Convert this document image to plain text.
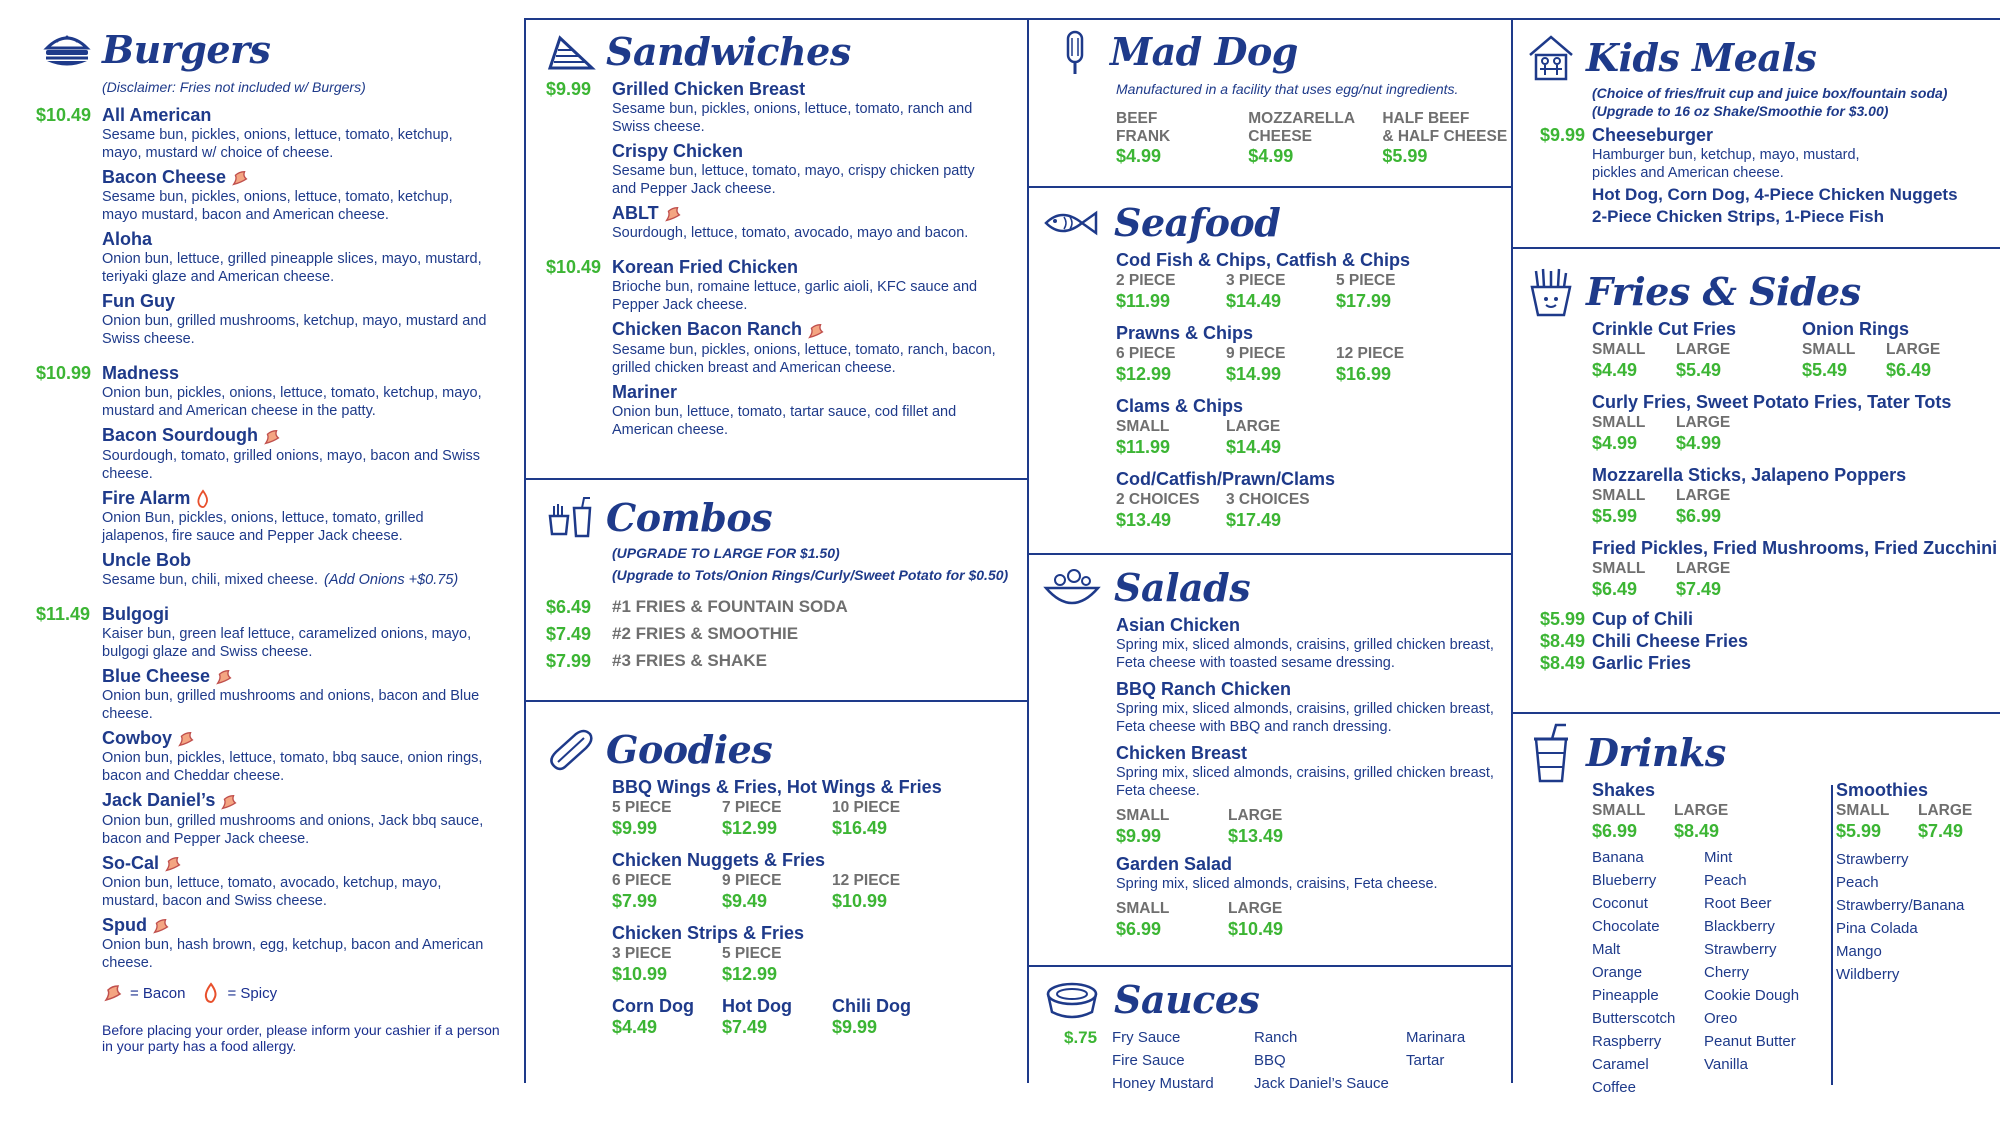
Burgers
(Disclaimer: Fries not included w/ Burgers)
$10.49 All American
Sesame bun, pickles, onions, lettuce, tomato, ketchup, mayo, mustard w/ choice of cheese.
Bacon Cheese
Sesame bun, pickles, onions, lettuce, tomato, ketchup, mayo mustard, bacon and American cheese.
Aloha
Onion bun, lettuce, grilled pineapple slices, mayo, mustard, teriyaki glaze and American cheese.
Fun Guy
Onion bun, grilled mushrooms, ketchup, mayo, mustard and Swiss cheese.
$10.99 Madness
Onion bun, pickles, onions, lettuce, tomato, ketchup, mayo, mustard and American cheese in the patty.
Bacon Sourdough
Sourdough, tomato, grilled onions, mayo, bacon and Swiss cheese.
Fire Alarm
Onion Bun, pickles, onions, lettuce, tomato, grilled jalapenos, fire sauce and Pepper Jack cheese.
Uncle Bob
Sesame bun, chili, mixed cheese. (Add Onions +$0.75)
$11.49 Bulgogi
Kaiser bun, green leaf lettuce, caramelized onions, mayo, bulgogi glaze and Swiss cheese.
Blue Cheese
Onion bun, grilled mushrooms and onions, bacon and Blue cheese.
Cowboy
Onion bun, pickles, lettuce, tomato, bbq sauce, onion rings, bacon and Cheddar cheese.
Jack Daniel’s
Onion bun, grilled mushrooms and onions, Jack bbq sauce, bacon and Pepper Jack cheese.
So-Cal
Onion bun, lettuce, tomato, avocado, ketchup, mayo, mustard, bacon and Swiss cheese.
Spud
Onion bun, hash brown, egg, ketchup, bacon and American cheese.
= Bacon	= Spicy
Before placing your order, please inform your cashier if a person in your party has a food allergy.
Sandwiches
$9.99	Grilled Chicken Breast
Sesame bun, pickles, onions, lettuce, tomato, ranch and Swiss cheese.
Crispy Chicken
Sesame bun, lettuce, tomato, mayo, crispy chicken patty and Pepper Jack cheese.
ABLT
Sourdough, lettuce, tomato, avocado, mayo and bacon.
$10.49 Korean Fried Chicken
Brioche bun, romaine lettuce, garlic aioli, KFC sauce and Pepper Jack cheese.
Chicken Bacon Ranch
Sesame bun, pickles, onions, lettuce, tomato, ranch, bacon, grilled chicken breast and American cheese.
Mariner
Onion bun, lettuce, tomato, tartar sauce, cod fillet and American cheese.
Combos
(UPGRADE TO LARGE FOR $1.50)
(Upgrade to Tots/Onion Rings/Curly/Sweet Potato for $0.50)
$6.49	#1 FRIES & FOUNTAIN SODA
$7.49	#2 FRIES & SMOOTHIE
$7.99	#3 FRIES & SHAKE
Goodies
BBQ Wings & Fries, Hot Wings & Fries
5 PIECE	7 PIECE	10 PIECE
$9.99	$12.99	$16.49
Chicken Nuggets & Fries
6 PIECE	9 PIECE	12 PIECE
$7.99	$9.49	$10.99
Chicken Strips & Fries
3 PIECE	5 PIECE
$10.99	$12.99
Corn Dog
$4.49
Hot Dog
$7.49
Chili Dog
$9.99
Mad Dog
Manufactured in a facility that uses egg/nut ingredients.
BEEF
FRANK
$4.99
MOZZARELLA
CHEESE
$4.99
HALF BEEF
& HALF CHEESE
$5.99
Seafood
Cod Fish & Chips, Catfish & Chips
2 PIECE	3 PIECE	5 PIECE
$11.99	$14.49	$17.99
Prawns & Chips
6 PIECE	9 PIECE	12 PIECE
$12.99	$14.99	$16.99
Clams & Chips
SMALL	LARGE
$11.99	$14.49
Cod/Catfish/Prawn/Clams
2 CHOICES	3 CHOICES
$13.49	$17.49
Salads
Asian Chicken
Spring mix, sliced almonds, craisins, grilled chicken breast, Feta cheese with toasted sesame dressing.
BBQ Ranch Chicken
Spring mix, sliced almonds, craisins, grilled chicken breast, Feta cheese with BBQ and ranch dressing.
Chicken Breast
Spring mix, sliced almonds, craisins, grilled chicken breast, Feta cheese.
SMALL	LARGE
$9.99	$13.49
Garden Salad
Spring mix, sliced almonds, craisins, Feta cheese.
SMALL	LARGE
$6.99	$10.49
Sauces
$.75 Fry Sauce
Fire Sauce
Honey Mustard
Ranch
BBQ
Jack Daniel’s Sauce
Marinara
Tartar
Kids Meals
(Choice of fries/fruit cup and juice box/fountain soda)
(Upgrade to 16 oz Shake/Smoothie for $3.00)
$9.99 Cheeseburger
Hamburger bun, ketchup, mayo, mustard, pickles and American cheese.
Hot Dog, Corn Dog, 4-Piece Chicken Nuggets
2-Piece Chicken Strips, 1-Piece Fish
Fries & Sides
Crinkle Cut Fries
SMALL	LARGE
$4.49	$5.49
Onion Rings
SMALL	LARGE
$5.49	$6.49
Curly Fries, Sweet Potato Fries, Tater Tots
SMALL	LARGE
$4.99	$4.99
Mozzarella Sticks, Jalapeno Poppers
SMALL	LARGE
$5.99	$6.99
Fried Pickles, Fried Mushrooms, Fried Zucchini
SMALL	LARGE
$6.49	$7.49
$5.99 Cup of Chili
$8.49 Chili Cheese Fries
$8.49 Garlic Fries
Drinks
Shakes
SMALL	LARGE
$6.99	$8.49
Banana
Blueberry
Coconut
Chocolate
Malt
Orange
Pineapple
Butterscotch
Raspberry
Caramel
Coffee
Mint
Peach
Root Beer
Blackberry
Strawberry
Cherry
Cookie Dough
Oreo
Peanut Butter
Vanilla
Smoothies
SMALL	LARGE
$5.99	$7.49
Strawberry
Peach
Strawberry/Banana
Pina Colada
Mango
Wildberry
